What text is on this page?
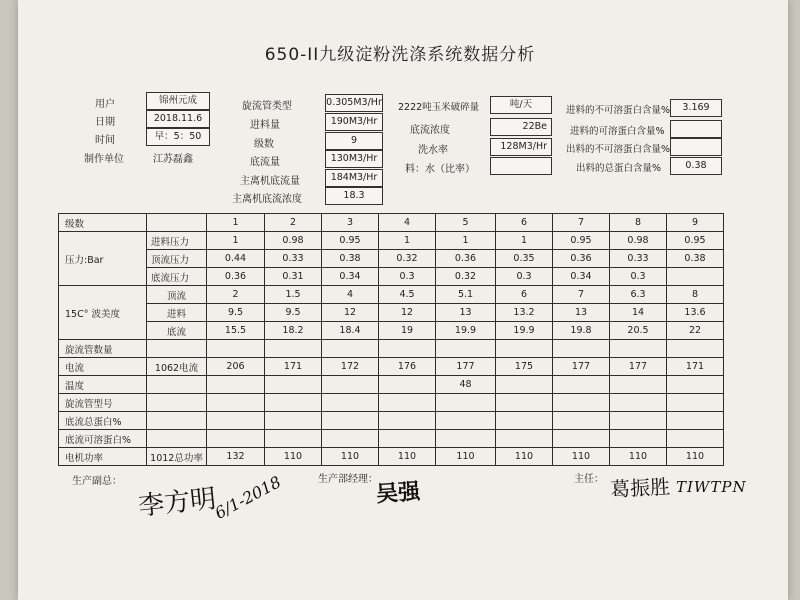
650-II九级淀粉洗涤系统数据分析
用户	锦州元成
日期	2018.11.6
时间	早：5：50
制作单位	江苏磊鑫
旋流管类型	0.305M3/Hr
进料量	190M3/Hr
级数	9
底流量	130M3/Hr
主离机底流量	184M3/Hr
主离机底流浓度	18.3
2222吨玉米破碎量	吨/天
底流浓度	22Be
洗水率	128M3/Hr
料：水（比率）
进料的不可溶蛋白含量%	3.169
进料的可溶蛋白含量%
出料的不可溶蛋白含量%
出料的总蛋白含量%	0.38
级数		1	2	3	4	5	6	7	8	9
压力:Bar	进料压力	1	0.98	0.95	1	1	1	0.95	0.98	0.95
	顶流压力	0.44	0.33	0.38	0.32	0.36	0.35	0.36	0.33	0.38
	底流压力	0.36	0.31	0.34	0.3	0.32	0.3	0.34	0.3	
15C° 波美度	顶流	2	1.5	4	4.5	5.1	6	7	6.3	8
	进料	9.5	9.5	12	12	13	13.2	13	14	13.6
	底流	15.5	18.2	18.4	19	19.9	19.9	19.8	20.5	22
旋流管数量										
电流	1062电流	206	171	172	176	177	175	177	177	171
温度						48				
旋流管型号										
底流总蛋白%										
底流可溶蛋白%										
电机功率	1012总功率	132	110	110	110	110	110	110	110	110
生产副总：
李方明
6/1-2018	生产部经理：
吴强	主任： 葛振胜 TIWTPN
